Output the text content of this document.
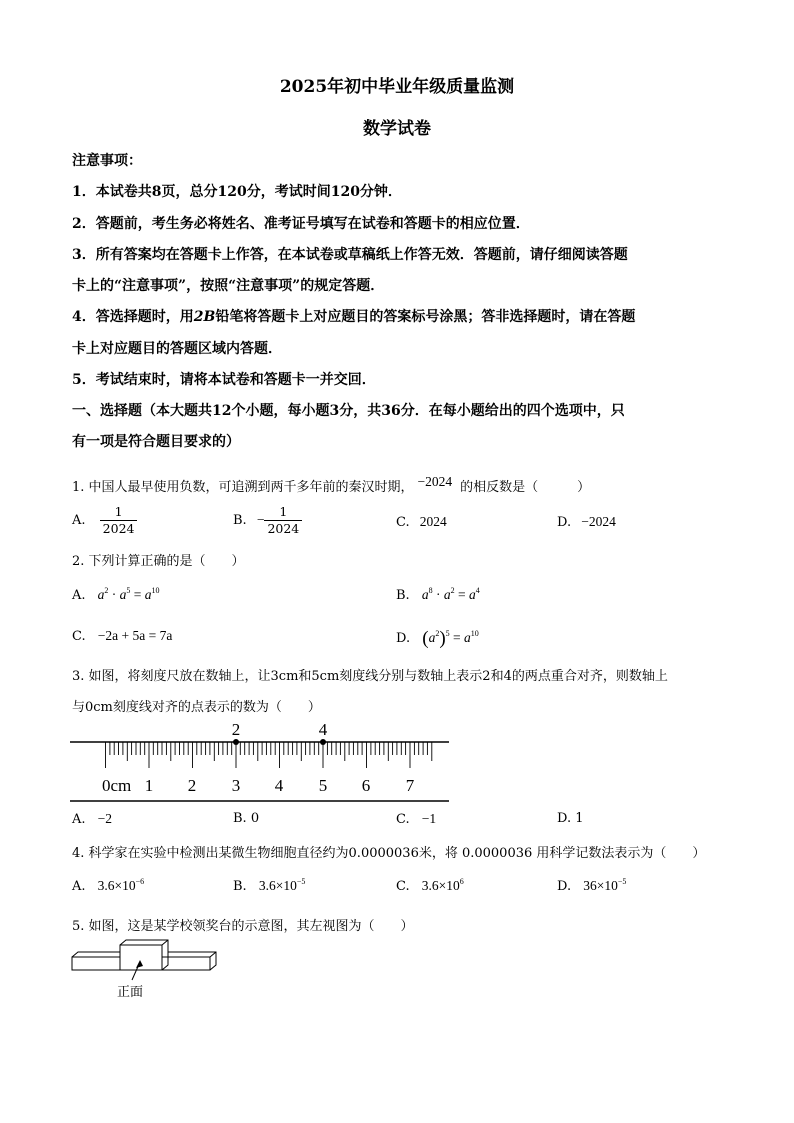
2025年初中毕业年级质量监测
数学试卷
注意事项：
1．本试卷共8页，总分120分，考试时间120分钟．
2．答题前，考生务必将姓名、准考证号填写在试卷和答题卡的相应位置．
3．所有答案均在答题卡上作答，在本试卷或草稿纸上作答无效．答题前，请仔细阅读答题
卡上的“注意事项”，按照“注意事项”的规定答题．
4．答选择题时，用2B铅笔将答题卡上对应题目的答案标号涂黑；答非选择题时，请在答题
卡上对应题目的答题区域内答题．
5．考试结束时，请将本试卷和答题卡一并交回．
一、选择题（本大题共12个小题，每小题3分，共36分．在每小题给出的四个选项中，只
有一项是符合题目要求的）
1. 中国人最早使用负数，可追溯到两千多年前的秦汉时期， −2024 的相反数是（　　　）
A. $\frac{1}{2024}$	B. − $\frac{1}{2024}$	C. 2024	D. −2024
2. 下列计算正确的是（　　）
A. $a^2 \cdot a^5 = a^{10}$	B. $a^8 \cdot a^2 = a^4$
C. −2a + 5a = 7a	D. $(a^2)^5 = a^{10}$
3. 如图，将刻度尺放在数轴上，让3cm和5cm刻度线分别与数轴上表示2和4的两点重合对齐，则数轴上
与0cm刻度线对齐的点表示的数为（　　）
2	4
0cm 1 2 3 4 5 6 7
A. −2	B. 0	C. −1	D. 1
4. 科学家在实验中检测出某微生物细胞直径约为0.0000036米，将 0.0000036 用科学记数法表示为（　　）
A. $3.6\times 10^{-6}$	B. $3.6\times 10^{-5}$	C. $3.6\times 10^6$	D. $36\times 10^{-5}$
5. 如图，这是某学校领奖台的示意图，其左视图为（　　）
正面
